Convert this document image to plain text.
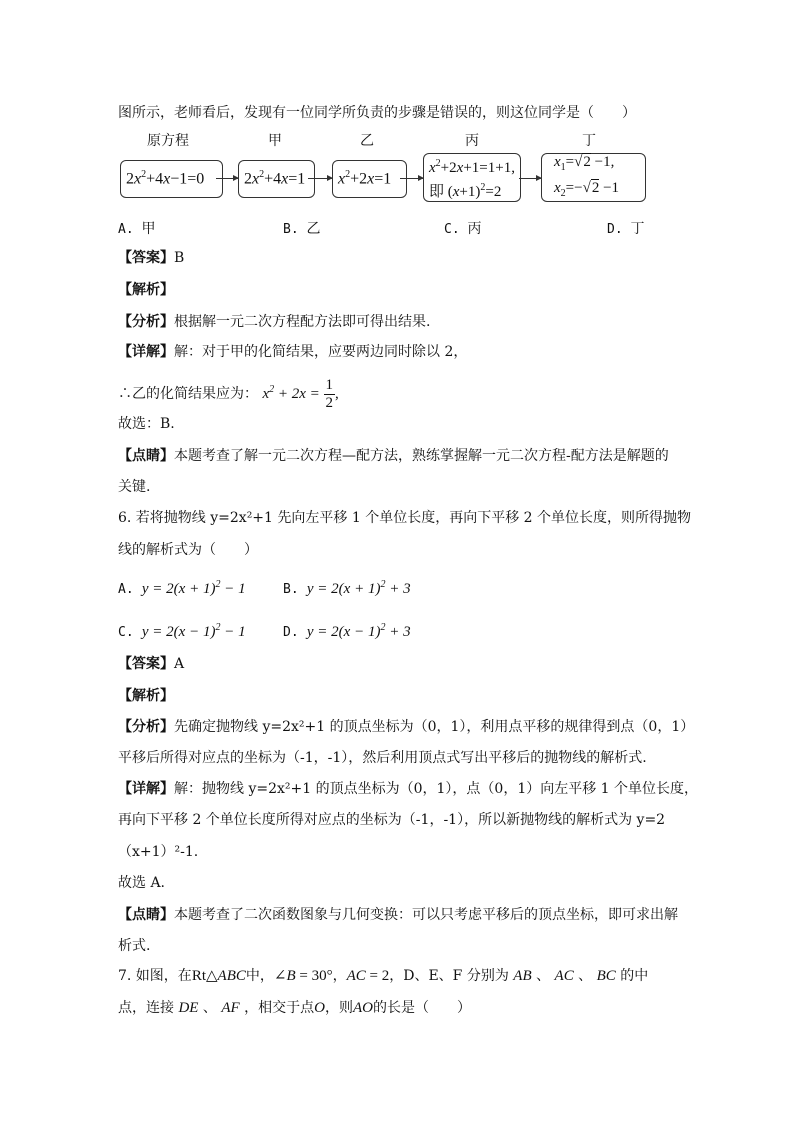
图所示，老师看后，发现有一位同学所负责的步骤是错误的，则这位同学是（　　）
原方程	甲	乙	丙	丁
$2x^2+4x-1=0$	$2x^2+4x=1$	$x^2+2x=1$
$x^2+2x+1=1+1$,
即 $(x+1)^2=2$
$x_1=√2 -1$,
$x_2=-√2 -1$
A. 甲	B. 乙	C. 丙	D. 丁
【答案】B
【解析】
【分析】根据解一元二次方程配方法即可得出结果.
【详解】解：对于甲的化简结果，应要两边同时除以 2，
∴乙的化简结果应为： $x^2 + 2x = \frac{1}{2}$ ,
故选：B.
【点睛】本题考查了解一元二次方程—配方法，熟练掌握解一元二次方程-配方法是解题的
关键.
6. 若将抛物线 y=2x²+1 先向左平移 1 个单位长度，再向下平移 2 个单位长度，则所得抛物
线的解析式为（　　）
A.  $y = 2(x + 1)^2 - 1$	B.  $y = 2(x + 1)^2 + 3$
C.  $y = 2(x - 1)^2 - 1$	D.  $y = 2(x - 1)^2 + 3$
【答案】A
【解析】
【分析】先确定抛物线 y=2x²+1 的顶点坐标为（0，1），利用点平移的规律得到点（0，1）
平移后所得对应点的坐标为（-1，-1），然后利用顶点式写出平移后的抛物线的解析式.
【详解】解：抛物线 y=2x²+1 的顶点坐标为（0，1），点（0，1）向左平移 1 个单位长度，
再向下平移 2 个单位长度所得对应点的坐标为（-1，-1），所以新抛物线的解析式为 y=2
（x+1）²-1.
故选 A.
【点睛】本题考查了二次函数图象与几何变换：可以只考虑平移后的顶点坐标，即可求出解
析式.
7. 如图，在Rt△ABC中，∠B = 30°，AC = 2，D、E、F 分别为 AB 、 AC 、 BC 的中
点，连接 DE 、 AF ，相交于点O，则AO的长是（　　）
